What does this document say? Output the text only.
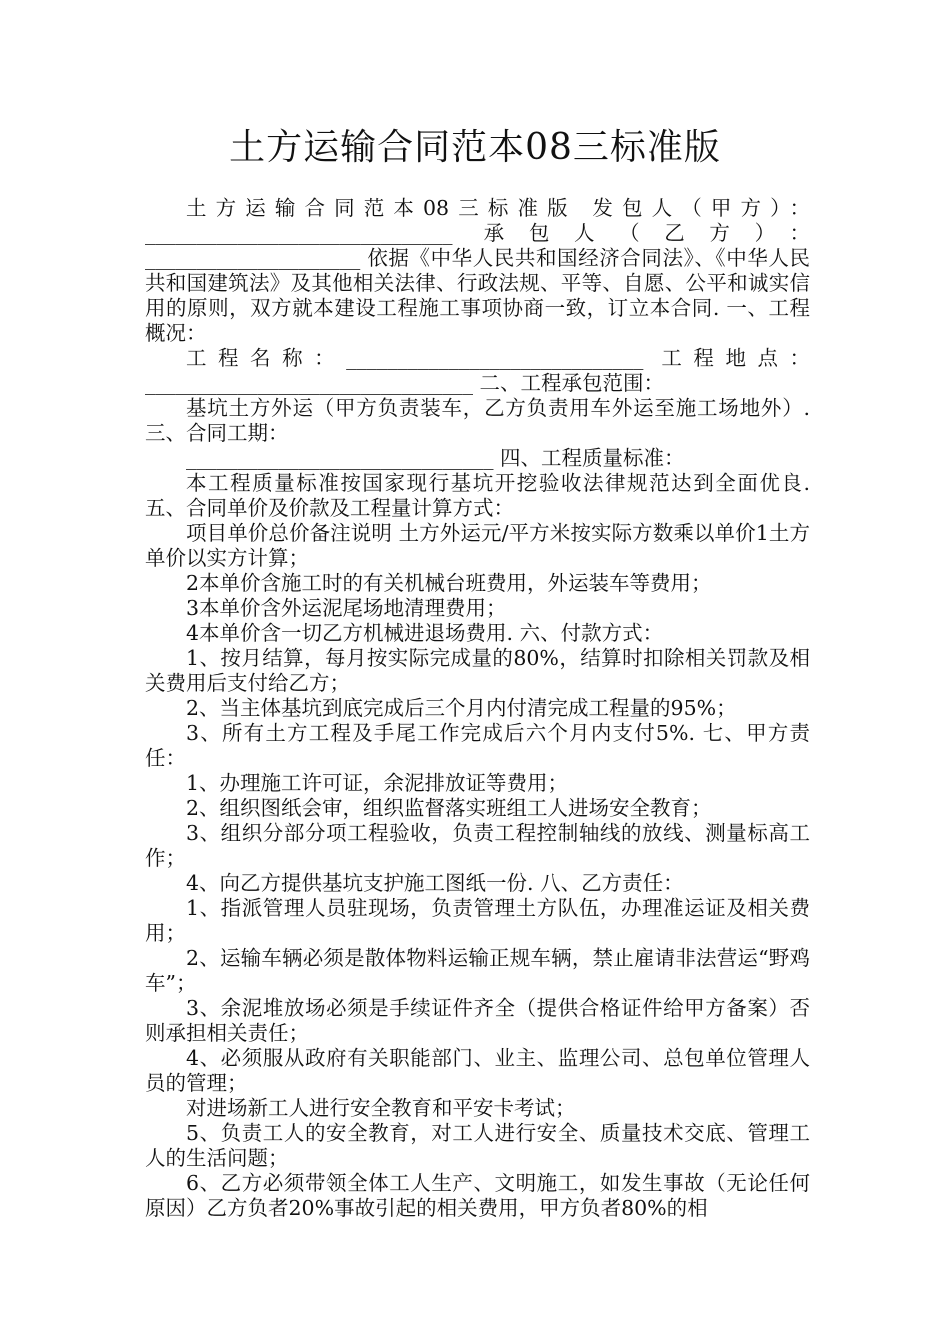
土方运输合同范本08三标准版

土方运输合同范本08三标准版 发包人（甲方）：______________________________ 承包人（乙方）：_____________________ 依据《中华人民共和国经济合同法》、《中华人民共和国建筑法》及其他相关法律、行政法规、平等、自愿、公平和诚实信用的原则，双方就本建设工程施工事项协商一致，订立本合同. 一、工程概况：

工程名称：_____________________________ 工程地点：________________________________ 二、工程承包范围：

基坑土方外运（甲方负责装车，乙方负责用车外运至施工场地外）. 三、合同工期：

______________________________ 四、工程质量标准：

本工程质量标准按国家现行基坑开挖验收法律规范达到全面优良. 五、合同单价及价款及工程量计算方式：

项目单价总价备注说明 土方外运元/平方米按实际方数乘以单价1土方单价以实方计算；

2本单价含施工时的有关机械台班费用，外运装车等费用；

3本单价含外运泥尾场地清理费用；

4本单价含一切乙方机械进退场费用. 六、付款方式：

1、按月结算，每月按实际完成量的80%，结算时扣除相关罚款及相关费用后支付给乙方；

2、当主体基坑到底完成后三个月内付清完成工程量的95%；

3、所有土方工程及手尾工作完成后六个月内支付5%. 七、甲方责任：

1、办理施工许可证，余泥排放证等费用；

2、组织图纸会审，组织监督落实班组工人进场安全教育；

3、组织分部分项工程验收，负责工程控制轴线的放线、测量标高工作；

4、向乙方提供基坑支护施工图纸一份. 八、乙方责任：

1、指派管理人员驻现场，负责管理土方队伍，办理准运证及相关费用；

2、运输车辆必须是散体物料运输正规车辆，禁止雇请非法营运“野鸡车”；

3、余泥堆放场必须是手续证件齐全（提供合格证件给甲方备案）否则承担相关责任；

4、必须服从政府有关职能部门、业主、监理公司、总包单位管理人员的管理；

对进场新工人进行安全教育和平安卡考试；

5、负责工人的安全教育，对工人进行安全、质量技术交底、管理工人的生活问题；

6、乙方必须带领全体工人生产、文明施工，如发生事故（无论任何原因）乙方负者20%事故引起的相关费用，甲方负者80%的相
